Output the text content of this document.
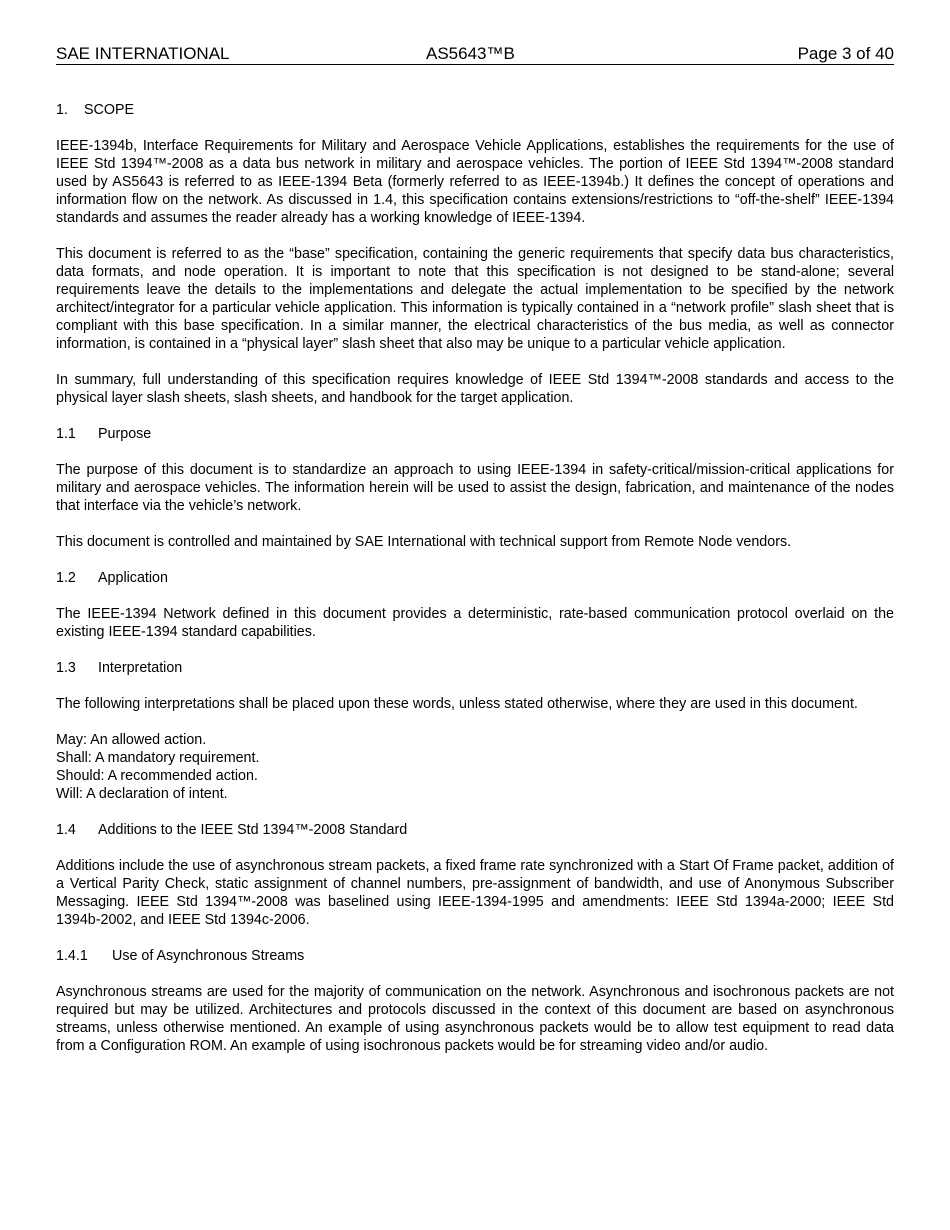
SAE INTERNATIONAL	AS5643™B	Page 3 of 40
1. SCOPE

IEEE-1394b, Interface Requirements for Military and Aerospace Vehicle Applications, establishes the requirements for the use of IEEE Std 1394™-2008 as a data bus network in military and aerospace vehicles. The portion of IEEE Std 1394™-2008 standard used by AS5643 is referred to as IEEE-1394 Beta (formerly referred to as IEEE-1394b.) It defines the concept of operations and information flow on the network. As discussed in 1.4, this specification contains extensions/restrictions to “off-the-shelf” IEEE-1394 standards and assumes the reader already has a working knowledge of IEEE-1394.

This document is referred to as the “base” specification, containing the generic requirements that specify data bus characteristics, data formats, and node operation. It is important to note that this specification is not designed to be stand-alone; several requirements leave the details to the implementations and delegate the actual implementation to be specified by the network architect/integrator for a particular vehicle application. This information is typically contained in a “network profile” slash sheet that is compliant with this base specification. In a similar manner, the electrical characteristics of the bus media, as well as connector information, is contained in a “physical layer” slash sheet that also may be unique to a particular vehicle application.

In summary, full understanding of this specification requires knowledge of IEEE Std 1394™-2008 standards and access to the physical layer slash sheets, slash sheets, and handbook for the target application.

1.1 Purpose

The purpose of this document is to standardize an approach to using IEEE-1394 in safety-critical/mission-critical applications for military and aerospace vehicles. The information herein will be used to assist the design, fabrication, and maintenance of the nodes that interface via the vehicle’s network.

This document is controlled and maintained by SAE International with technical support from Remote Node vendors.

1.2 Application

The IEEE-1394 Network defined in this document provides a deterministic, rate-based communication protocol overlaid on the existing IEEE-1394 standard capabilities.

1.3 Interpretation

The following interpretations shall be placed upon these words, unless stated otherwise, where they are used in this document.

May: An allowed action.
Shall: A mandatory requirement.
Should: A recommended action.
Will: A declaration of intent.
1.4 Additions to the IEEE Std 1394™-2008 Standard

Additions include the use of asynchronous stream packets, a fixed frame rate synchronized with a Start Of Frame packet, addition of a Vertical Parity Check, static assignment of channel numbers, pre-assignment of bandwidth, and use of Anonymous Subscriber Messaging. IEEE Std 1394™-2008 was baselined using IEEE-1394-1995 and amendments: IEEE Std 1394a-2000; IEEE Std 1394b-2002, and IEEE Std 1394c-2006.

1.4.1 Use of Asynchronous Streams

Asynchronous streams are used for the majority of communication on the network. Asynchronous and isochronous packets are not required but may be utilized. Architectures and protocols discussed in the context of this document are based on asynchronous streams, unless otherwise mentioned. An example of using asynchronous packets would be to allow test equipment to read data from a Configuration ROM. An example of using isochronous packets would be for streaming video and/or audio.
